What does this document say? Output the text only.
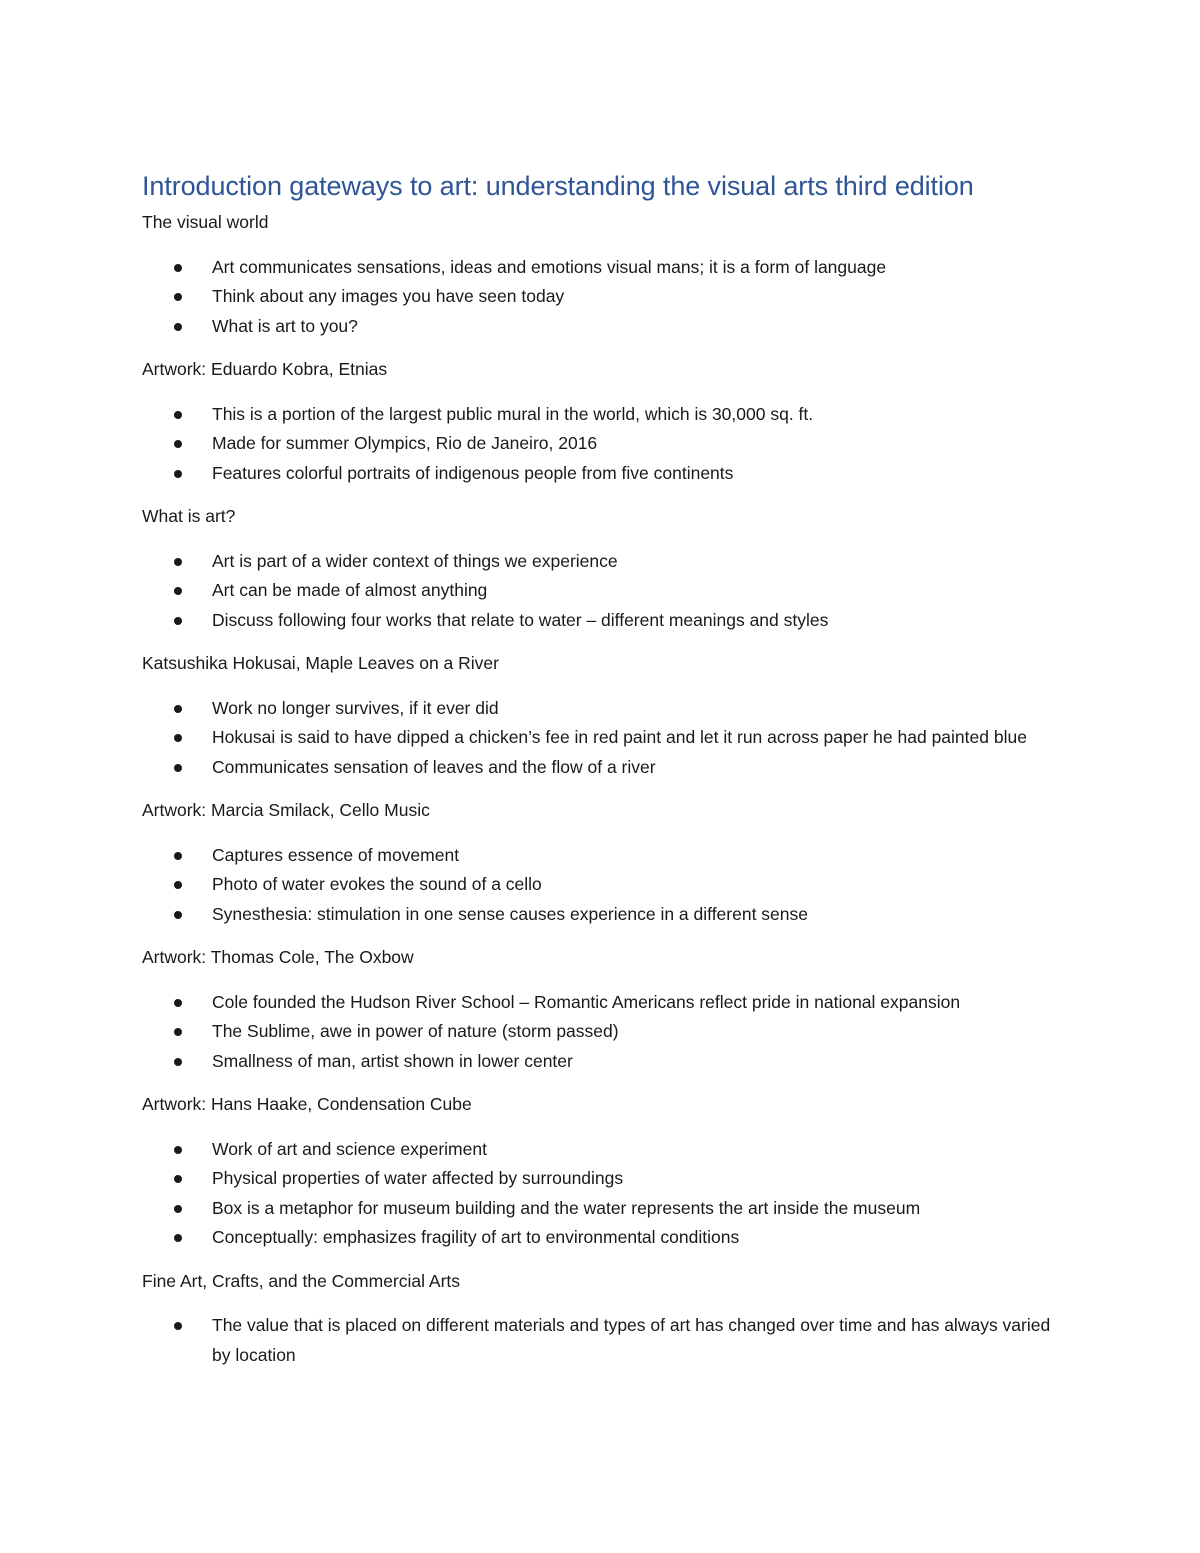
Introduction gateways to art: understanding the visual arts third edition

The visual world

Art communicates sensations, ideas and emotions visual mans; it is a form of language
Think about any images you have seen today
What is art to you?

Artwork: Eduardo Kobra, Etnias

This is a portion of the largest public mural in the world, which is 30,000 sq. ft.
Made for summer Olympics, Rio de Janeiro, 2016
Features colorful portraits of indigenous people from five continents

What is art?

Art is part of a wider context of things we experience
Art can be made of almost anything
Discuss following four works that relate to water – different meanings and styles

Katsushika Hokusai, Maple Leaves on a River

Work no longer survives, if it ever did
Hokusai is said to have dipped a chicken’s fee in red paint and let it run across paper he had painted blue
Communicates sensation of leaves and the flow of a river

Artwork: Marcia Smilack, Cello Music

Captures essence of movement
Photo of water evokes the sound of a cello
Synesthesia: stimulation in one sense causes experience in a different sense

Artwork: Thomas Cole, The Oxbow

Cole founded the Hudson River School – Romantic Americans reflect pride in national expansion
The Sublime, awe in power of nature (storm passed)
Smallness of man, artist shown in lower center

Artwork: Hans Haake, Condensation Cube

Work of art and science experiment
Physical properties of water affected by surroundings
Box is a metaphor for museum building and the water represents the art inside the museum
Conceptually: emphasizes fragility of art to environmental conditions

Fine Art, Crafts, and the Commercial Arts

The value that is placed on different materials and types of art has changed over time and has always varied by location
